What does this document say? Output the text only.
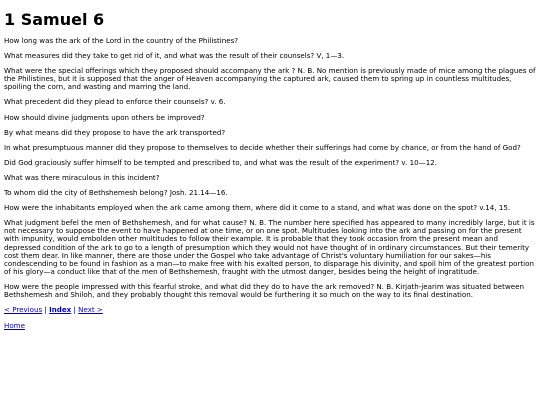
1 Samuel 6

How long was the ark of the Lord in the country of the Philistines?

What measures did they take to get rid of it, and what was the result of their counsels? V, 1—3.

What were the special offerings which they proposed should accompany the ark ? N. B. No mention is previously made of mice among the plagues of the Philistines, but it is supposed that the anger of Heaven accompanying the captured ark, caused them to spring up in countless multitudes, spoiling the corn, and wasting and marring the land.

What precedent did they plead to enforce their counsels? v. 6.

How should divine judgments upon others be improved?

By what means did they propose to have the ark transported?

In what presumptuous manner did they propose to themselves to decide whether their sufferings had come by chance, or from the hand of God?

Did God graciously suffer himself to be tempted and prescribed to, and what was the result of the experiment? v. 10—12.

What was there miraculous in this incident?

To whom did the city of Bethshemesh belong? Josh. 21.14—16.

How were the inhabitants employed when the ark came among them, where did it come to a stand, and what was done on the spot? v.14, 15.

What judgment befel the men of Bethshemesh, and for what cause? N. B. The number here specified has appeared to many incredibly large, but it is not necessary to suppose the event to have happened at one time, or on one spot. Multitudes looking into the ark and passing on for the present with impunity, would embolden other multitudes to follow their example. It is probable that they took occasion from the present mean and depressed condition of the ark to go to a length of presumption which they would not have thought of in ordinary circumstances. But their temerity cost them dear. In like manner, there are those under the Gospel who take advantage of Christ's voluntary humiliation for our sakes—his condescending to be found in fashion as a man—to make free with his exalted person, to disparage his divinity, and spoil him of the greatest portion of his glory—a conduct like that of the men of Bethshemesh, fraught with the utmost danger, besides being the height of ingratitude.

How were the people impressed with this fearful stroke, and what did they do to have the ark removed? N. B. Kirjath-jearim was situated between Bethshemesh and Shiloh, and they probably thought this removal would be furthering it so much on the way to its final destination.

< Previous | Index | Next >

Home
